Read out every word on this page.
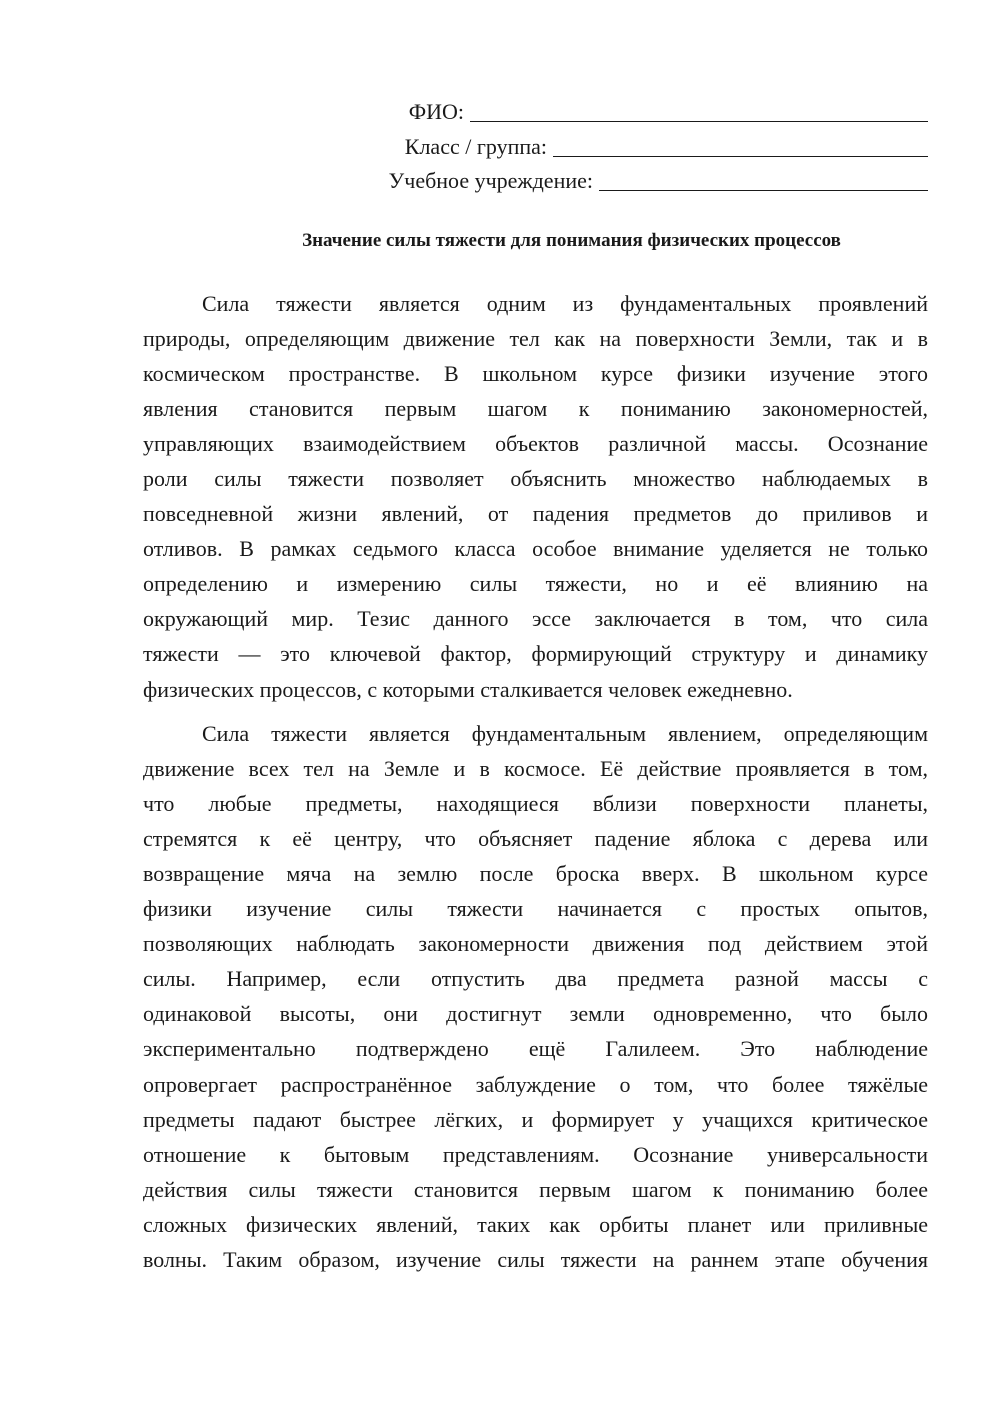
ФИО:
Класс / группа:
Учебное учреждение:
Значение силы тяжести для понимания физических процессов
Сила тяжести является одним из фундаментальных проявлений
природы, определяющим движение тел как на поверхности Земли, так и в
космическом пространстве. В школьном курсе физики изучение этого
явления становится первым шагом к пониманию закономерностей,
управляющих взаимодействием объектов различной массы. Осознание
роли силы тяжести позволяет объяснить множество наблюдаемых в
повседневной жизни явлений, от падения предметов до приливов и
отливов. В рамках седьмого класса особое внимание уделяется не только
определению и измерению силы тяжести, но и её влиянию на
окружающий мир. Тезис данного эссе заключается в том, что сила
тяжести — это ключевой фактор, формирующий структуру и динамику
физических процессов, с которыми сталкивается человек ежедневно.
Сила тяжести является фундаментальным явлением, определяющим
движение всех тел на Земле и в космосе. Её действие проявляется в том,
что любые предметы, находящиеся вблизи поверхности планеты,
стремятся к её центру, что объясняет падение яблока с дерева или
возвращение мяча на землю после броска вверх. В школьном курсе
физики изучение силы тяжести начинается с простых опытов,
позволяющих наблюдать закономерности движения под действием этой
силы. Например, если отпустить два предмета разной массы с
одинаковой высоты, они достигнут земли одновременно, что было
экспериментально подтверждено ещё Галилеем. Это наблюдение
опровергает распространённое заблуждение о том, что более тяжёлые
предметы падают быстрее лёгких, и формирует у учащихся критическое
отношение к бытовым представлениям. Осознание универсальности
действия силы тяжести становится первым шагом к пониманию более
сложных физических явлений, таких как орбиты планет или приливные
волны. Таким образом, изучение силы тяжести на раннем этапе обучения
